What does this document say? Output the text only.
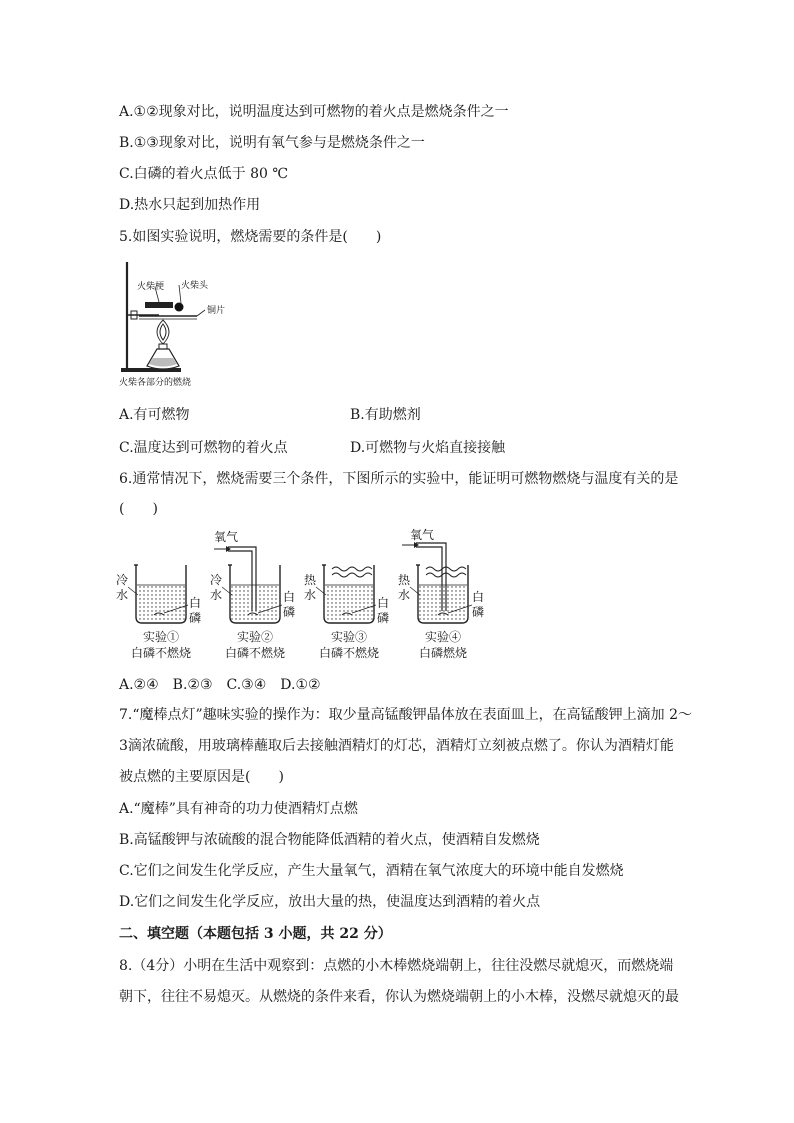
A.①②现象对比，说明温度达到可燃物的着火点是燃烧条件之一
B.①③现象对比，说明有氧气参与是燃烧条件之一
C.白磷的着火点低于 80 ℃
D.热水只起到加热作用
5.如图实验说明，燃烧需要的条件是(　　)
火柴梗 火柴头
铜片
火柴各部分的燃烧
A.有可燃物	B.有助燃剂
C.温度达到可燃物的着火点	D.可燃物与火焰直接接触
6.通常情况下，燃烧需要三个条件，下图所示的实验中，能证明可燃物燃烧与温度有关的是
(　　)
冷
水
白
磷
氧气
冷
水	白
磷
热
水
白
磷
氧气
热
水	白
磷
实验①
白磷不燃烧
实验②
白磷不燃烧
实验③
白磷不燃烧
实验④
白磷燃烧
A.②④　B.②③　C.③④　D.①②
7.“魔棒点灯”趣味实验的操作为：取少量高锰酸钾晶体放在表面皿上，在高锰酸钾上滴加 2～
3滴浓硫酸，用玻璃棒蘸取后去接触酒精灯的灯芯，酒精灯立刻被点燃了。你认为酒精灯能
被点燃的主要原因是(　　)
A.“魔棒”具有神奇的功力使酒精灯点燃
B.高锰酸钾与浓硫酸的混合物能降低酒精的着火点，使酒精自发燃烧
C.它们之间发生化学反应，产生大量氧气，酒精在氧气浓度大的环境中能自发燃烧
D.它们之间发生化学反应，放出大量的热，使温度达到酒精的着火点
二、填空题（本题包括 3 小题，共 22 分）
8.（4分）小明在生活中观察到：点燃的小木棒燃烧端朝上，往往没燃尽就熄灭，而燃烧端
朝下，往往不易熄灭。从燃烧的条件来看，你认为燃烧端朝上的小木棒，没燃尽就熄灭的最
